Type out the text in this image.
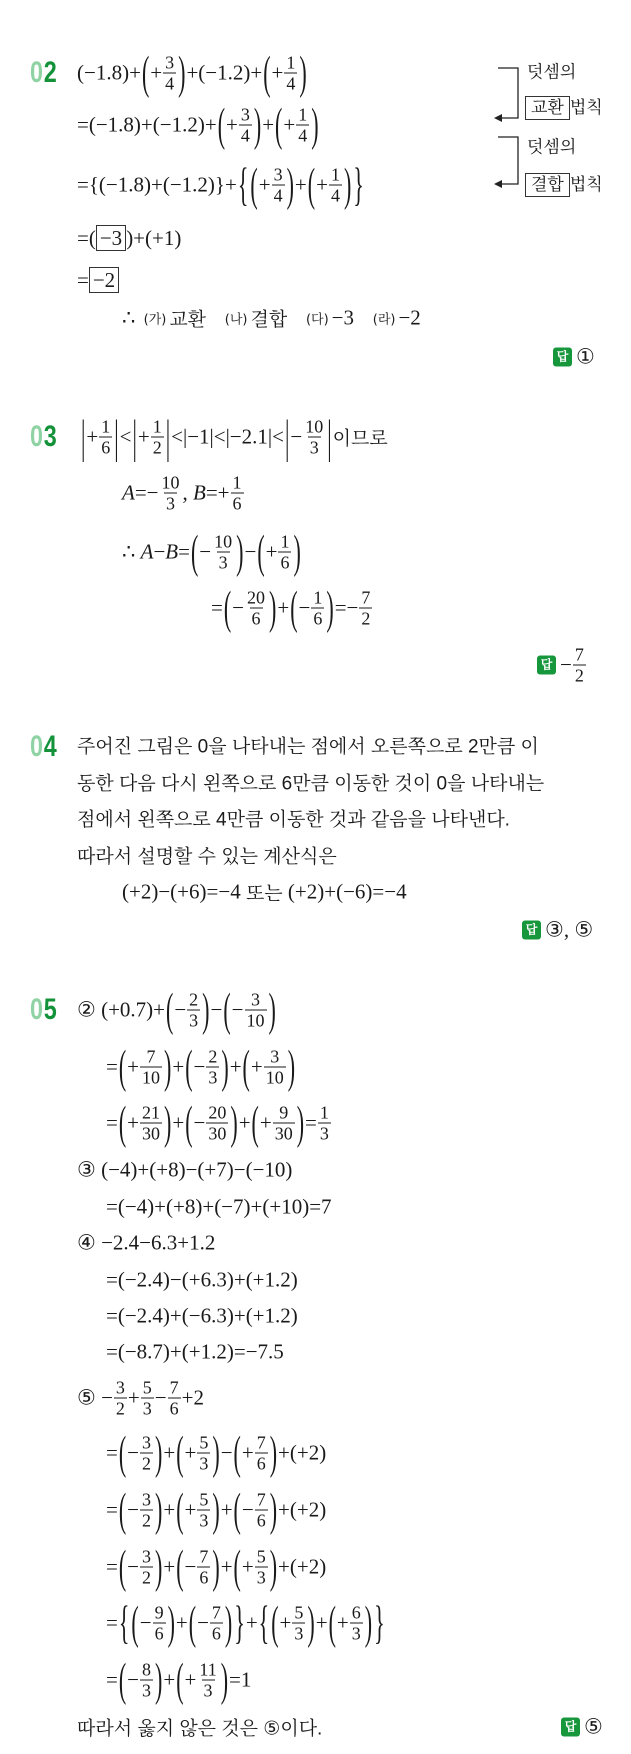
02 (−1.8)+ ( + $\frac{3}{4}$ ) +(−1.2)+ ( + $\frac{1}{4}$ )
=(−1.8)+(−1.2)+ ( + $\frac{3}{4}$ ) + ( + $\frac{1}{4}$ )
={(−1.8)+(−1.2)}+ { ( + $\frac{3}{4}$ ) + ( + $\frac{1}{4}$ ) }
=( −3 )+(+1)
= −2
∴ (가) 교환
(나) 결합
(다) −3 (라) −2
덧셈의
교환 법칙
덧셈의
결합 법칙
답 ①
03 | + $\frac{1}{6}$ | < | + $\frac{1}{2}$ | <|−1|<|−2.1|< | − $\frac{10}{3}$ | 이므로
$A =- \frac{10}{3}$ , $B =+ \frac{1}{6}$
∴ A − B = ( − $\frac{10}{3}$ ) − ( + $\frac{1}{6}$ )
= ( − $\frac{20}{6}$ ) + ( − $\frac{1}{6}$ ) =− $\frac{7}{2}$
답 − $\frac{7}{2}$
04 주어진 그림은 0을 나타내는 점에서 오른쪽으로 2만큼 이
동한 다음 다시 왼쪽으로 6만큼 이동한 것이 0을 나타내는
점에서 왼쪽으로 4만큼 이동한 것과 같음을 나타낸다.
따라서 설명할 수 있는 계산식은
(+2)−(+6)=−4 또는 (+2)+(−6)=−4
답 ③, ⑤
05 ② (+0.7)+ ( − $\frac{2}{3}$ ) − ( − $\frac{3}{10}$ )
= ( + $\frac{7}{10}$ ) + ( − $\frac{2}{3}$ ) + ( + $\frac{3}{10}$ )
= ( + $\frac{21}{30}$ ) + ( − $\frac{20}{30}$ ) + ( + $\frac{9}{30}$ ) = $\frac{1}{3}$
③ (−4)+(+8)−(+7)−(−10)
=(−4)+(+8)+(−7)+(+10)=7
④ −2.4−6.3+1.2
=(−2.4)−(+6.3)+(+1.2)
=(−2.4)+(−6.3)+(+1.2)
=(−8.7)+(+1.2)=−7.5
⑤ − $\frac{3}{2} + \frac{5}{3} - \frac{7}{6} +2$
= ( − $\frac{3}{2}$ ) + ( + $\frac{5}{3}$ ) − ( + $\frac{7}{6}$ ) +(+2)
= ( − $\frac{3}{2}$ ) + ( + $\frac{5}{3}$ ) + ( − $\frac{7}{6}$ ) +(+2)
= ( − $\frac{3}{2}$ ) + ( − $\frac{7}{6}$ ) + ( + $\frac{5}{3}$ ) +(+2)
= { ( − $\frac{9}{6}$ ) + ( − $\frac{7}{6}$ ) } + { ( + $\frac{5}{3}$ ) + ( + $\frac{6}{3}$ ) }
= ( − $\frac{8}{3}$ ) + ( + $\frac{11}{3}$ ) =1
따라서 옳지 않은 것은 ⑤이다.	답 ⑤
